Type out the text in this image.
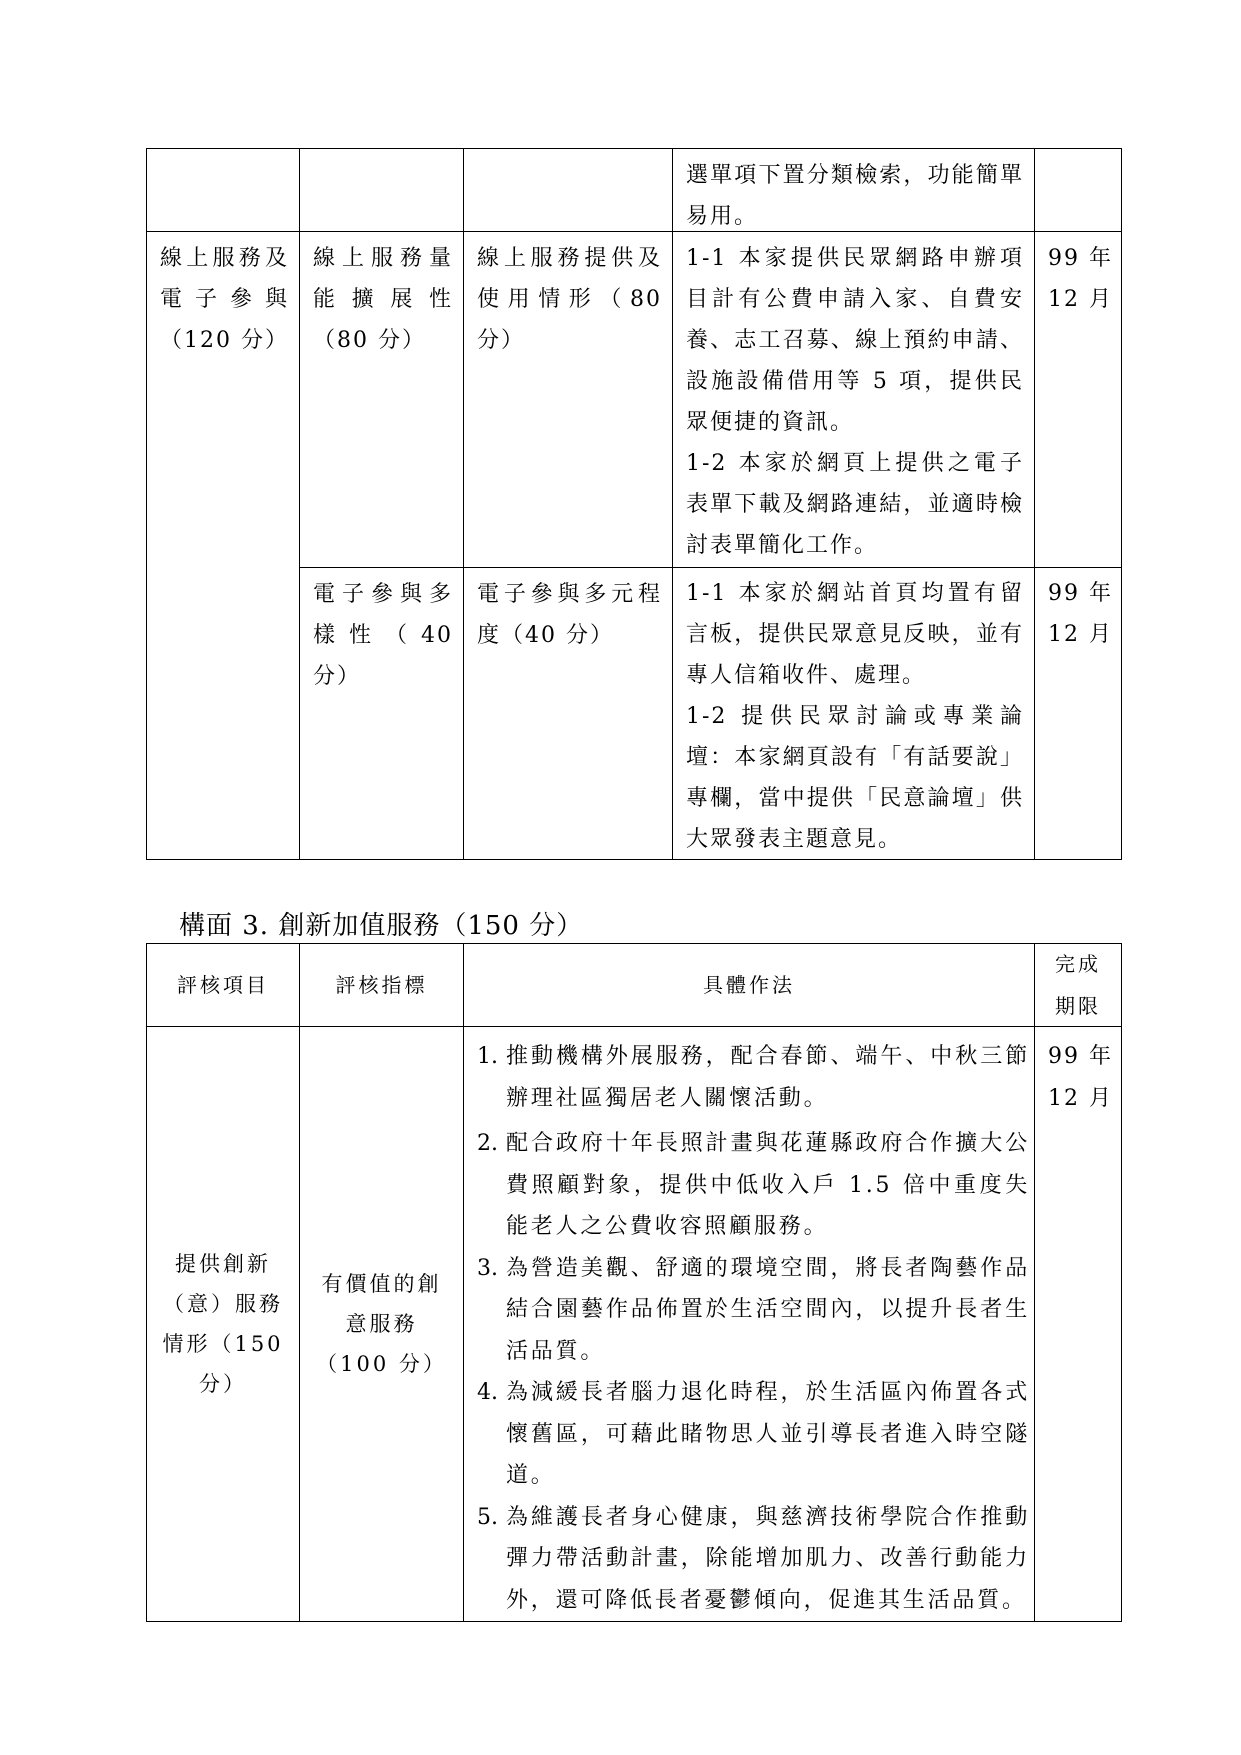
選單項下置分類檢索，功能簡單易用。

線上服務及電子參與（120 分）

線上服務量能擴展性（80 分）

線上服務提供及使用情形（80 分）

1-1 本家提供民眾網路申辦項目計有公費申請入家、自費安養、志工召募、線上預約申請、設施設備借用等 5 項，提供民眾便捷的資訊。

1-2 本家於網頁上提供之電子表單下載及網路連結，並適時檢討表單簡化工作。

99 年 12 月

電子參與多樣性（40 分）

電子參與多元程度（40 分）

1-1 本家於網站首頁均置有留言板，提供民眾意見反映，並有專人信箱收件、處理。

1-2 提供民眾討論或專業論壇：本家網頁設有「有話要說」專欄，當中提供「民意論壇」供大眾發表主題意見。

99 年 12 月

構面 3. 創新加值服務（150 分）
評核項目	評核指標	具體作法
完成期限
提供創新（意）服務情形（150 分）
有價值的創意服務（100 分）
1. 推動機構外展服務，配合春節、端午、中秋三節辦理社區獨居老人關懷活動。
2. 配合政府十年長照計畫與花蓮縣政府合作擴大公費照顧對象，提供中低收入戶 1.5 倍中重度失能老人之公費收容照顧服務。
3. 為營造美觀、舒適的環境空間，將長者陶藝作品結合園藝作品佈置於生活空間內，以提升長者生活品質。
4. 為減緩長者腦力退化時程，於生活區內佈置各式懷舊區，可藉此睹物思人並引導長者進入時空隧道。
5. 為維護長者身心健康，與慈濟技術學院合作推動彈力帶活動計畫，除能增加肌力、改善行動能力外，還可降低長者憂鬱傾向，促進其生活品質。
99 年 12 月
